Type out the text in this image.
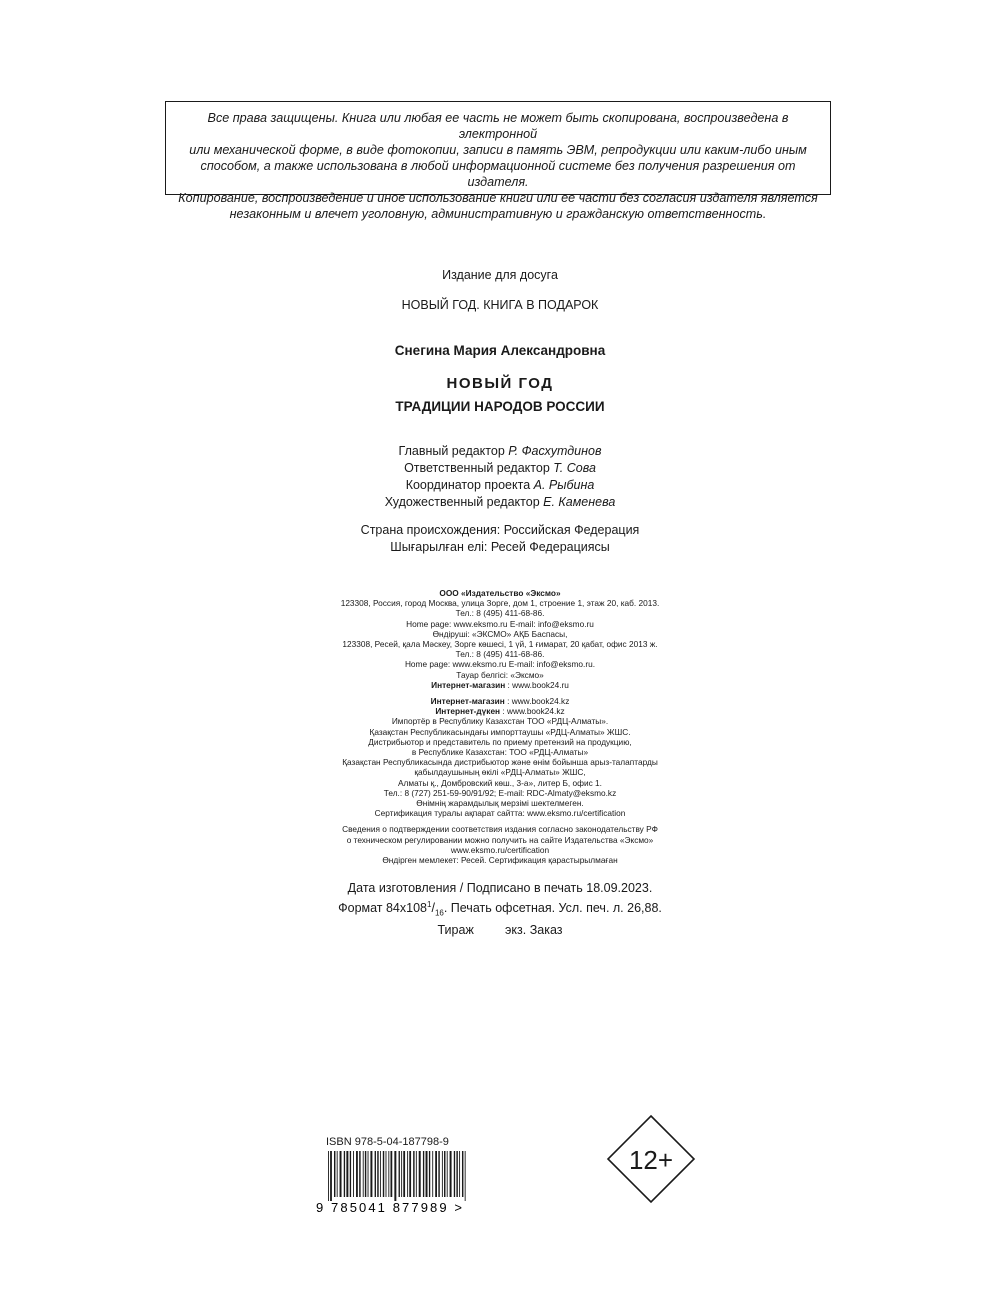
Все права защищены. Книга или любая ее часть не может быть скопирована, воспроизведена в электронной
или механической форме, в виде фотокопии, записи в память ЭВМ, репродукции или каким-либо иным
способом, а также использована в любой информационной системе без получения разрешения от издателя.
Копирование, воспроизведение и иное использование книги или ее части без согласия издателя является
незаконным и влечет уголовную, административную и гражданскую ответственность.
Издание для досуга
НОВЫЙ ГОД. КНИГА В ПОДАРОК
Снегина Мария Александровна
НОВЫЙ ГОД
ТРАДИЦИИ НАРОДОВ РОССИИ
Главный редактор Р. Фасхутдинов
Ответственный редактор Т. Сова
Координатор проекта А. Рыбина
Художественный редактор Е. Каменева
Страна происхождения: Российская Федерация
Шығарылған елі: Ресей Федерациясы
ООО «Издательство «Эксмо»
123308, Россия, город Москва, улица Зорге, дом 1, строение 1, этаж 20, каб. 2013.
Тел.: 8 (495) 411-68-86.
Home page: www.eksmo.ru E-mail: info@eksmo.ru
Өндіруші: «ЭКСМО» АҚБ Баспасы,
123308, Ресей, қала Мәскеу, Зорге көшесі, 1 үй, 1 ғимарат, 20 қабат, офис 2013 ж.
Тел.: 8 (495) 411-68-86.
Home page: www.eksmo.ru E-mail: info@eksmo.ru.
Тауар белгісі: «Эксмо»
Интернет-магазин : www.book24.ru
Интернет-магазин : www.book24.kz
Интернет-дүкен : www.book24.kz
Импортёр в Республику Казахстан ТОО «РДЦ-Алматы».
Қазақстан Республикасындағы импорттаушы «РДЦ-Алматы» ЖШС.
Дистрибьютор и представитель по приему претензий на продукцию,
в Республике Казахстан: ТОО «РДЦ-Алматы»
Қазақстан Республикасында дистрибьютор және өнім бойынша арыз-талаптарды
қабылдаушының өкілі «РДЦ-Алматы» ЖШС,
Алматы қ., Домбровский көш., 3-а», литер Б, офис 1.
Тел.: 8 (727) 251-59-90/91/92; E-mail: RDC-Almaty@eksmo.kz
Өнімнің жарамдылық мерзімі шектелмеген.
Сертификация туралы ақпарат сайтта: www.eksmo.ru/certification
Сведения о подтверждении соответствия издания согласно законодательству РФ
о техническом регулировании можно получить на сайте Издательства «Эксмо»
www.eksmo.ru/certification
Өндірген мемлекет: Ресей. Сертификация қарастырылмаған
Дата изготовления / Подписано в печать 18.09.2023.
Формат $84x108^1/_{16}$. Печать офсетная. Усл. печ. л. 26,88.
Тираж         экз. Заказ
ISBN 978-5-04-187798-9
9 785041 877989 >
12+
